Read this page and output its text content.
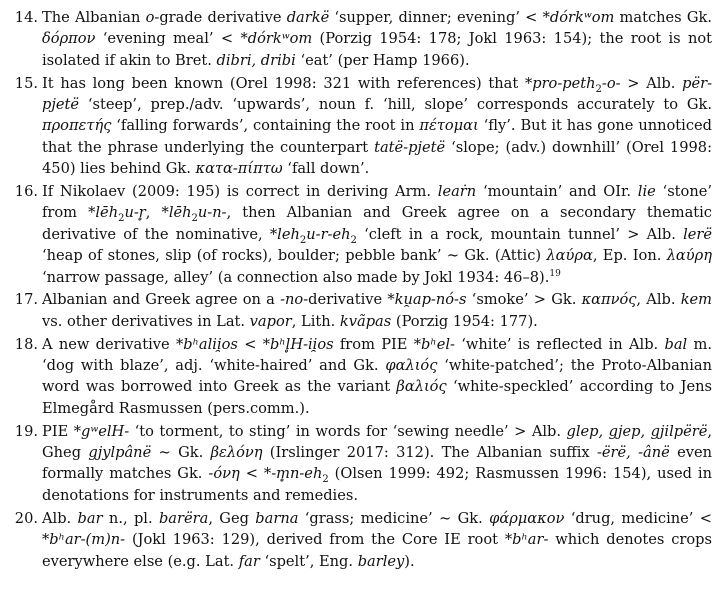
14. The Albanian o-grade derivative darkë ‘supper, dinner; evening’ < *dórkʷom matches Gk. δόρπον ‘evening meal’ < *dórkʷom (Porzig 1954: 178; Jokl 1963: 154); the root is not isolated if akin to Bret. dibri, dribi ‘eat’ (per Hamp 1966).
15. It has long been known (Orel 1998: 321 with references) that *pro-peth$_2$-o- > Alb. për-pjetë ‘steep’, prep./adv. ‘upwards’, noun f. ‘hill, slope’ corresponds accurately to Gk. προπετής ‘falling forwards’, containing the root in πέτομαι ‘fly’. But it has gone unnoticed that the phrase underlying the counterpart tatë-pjetë ‘slope; (adv.) downhill’ (Orel 1998: 450) lies behind Gk. κατα-πίπτω ‘fall down’.
16. If Nikolaev (2009: 195) is correct in deriving Arm. leaṙn ‘mountain’ and OIr. lie ‘stone’ from *lēh$_2$u-r̥, *lēh$_2$u-n-, then Albanian and Greek agree on a secondary thematic derivative of the nominative, $*leh_2u-r-eh_2$ ‘cleft in a rock, mountain tunnel’ > Alb. lerë ‘heap of stones, slip (of rocks), boulder; pebble bank’ ~ Gk. (Attic) λαύρα, Ep. Ion. λαύρη ‘narrow passage, alley’ (a connection also made by Jokl 1934: 46–8).$^{19}$
17. Albanian and Greek agree on a -no-derivative *ku̯ap-nó-s ‘smoke’ > Gk. καπνός, Alb. kem vs. other derivatives in Lat. vapor, Lith. kvãpas (Porzig 1954: 177).
18. A new derivative *bʰalii̯os < *bʰl̥H-ii̯os from PIE *bʰel- ‘white’ is reflected in Alb. bal m. ‘dog with blaze’, adj. ‘white-haired’ and Gk. φαλιός ‘white-patched’; the Proto-Albanian word was borrowed into Greek as the variant βαλιός ‘white-speckled’ according to Jens Elmegård Rasmussen (pers.comm.).
19. PIE *gʷelH- ‘to torment, to sting’ in words for ‘sewing needle’ > Alb. glep, gjep, gjilpërë, Gheg gjylpânë ~ Gk. βελόνη (Irslinger 2017: 312). The Albanian suffix -ërë, -ânë even formally matches Gk. $-ό\nu\eta < *-m̥n-eh_2$ (Olsen 1999: 492; Rasmussen 1996: 154), used in denotations for instruments and remedies.
20. Alb. bar n., pl. barëra, Geg barna ‘grass; medicine’ ~ Gk. φάρμακον ‘drug, medicine’ < *bʰar-(m)n- (Jokl 1963: 129), derived from the Core IE root *bʰar- which denotes crops everywhere else (e.g. Lat. far ‘spelt’, Eng. barley).
